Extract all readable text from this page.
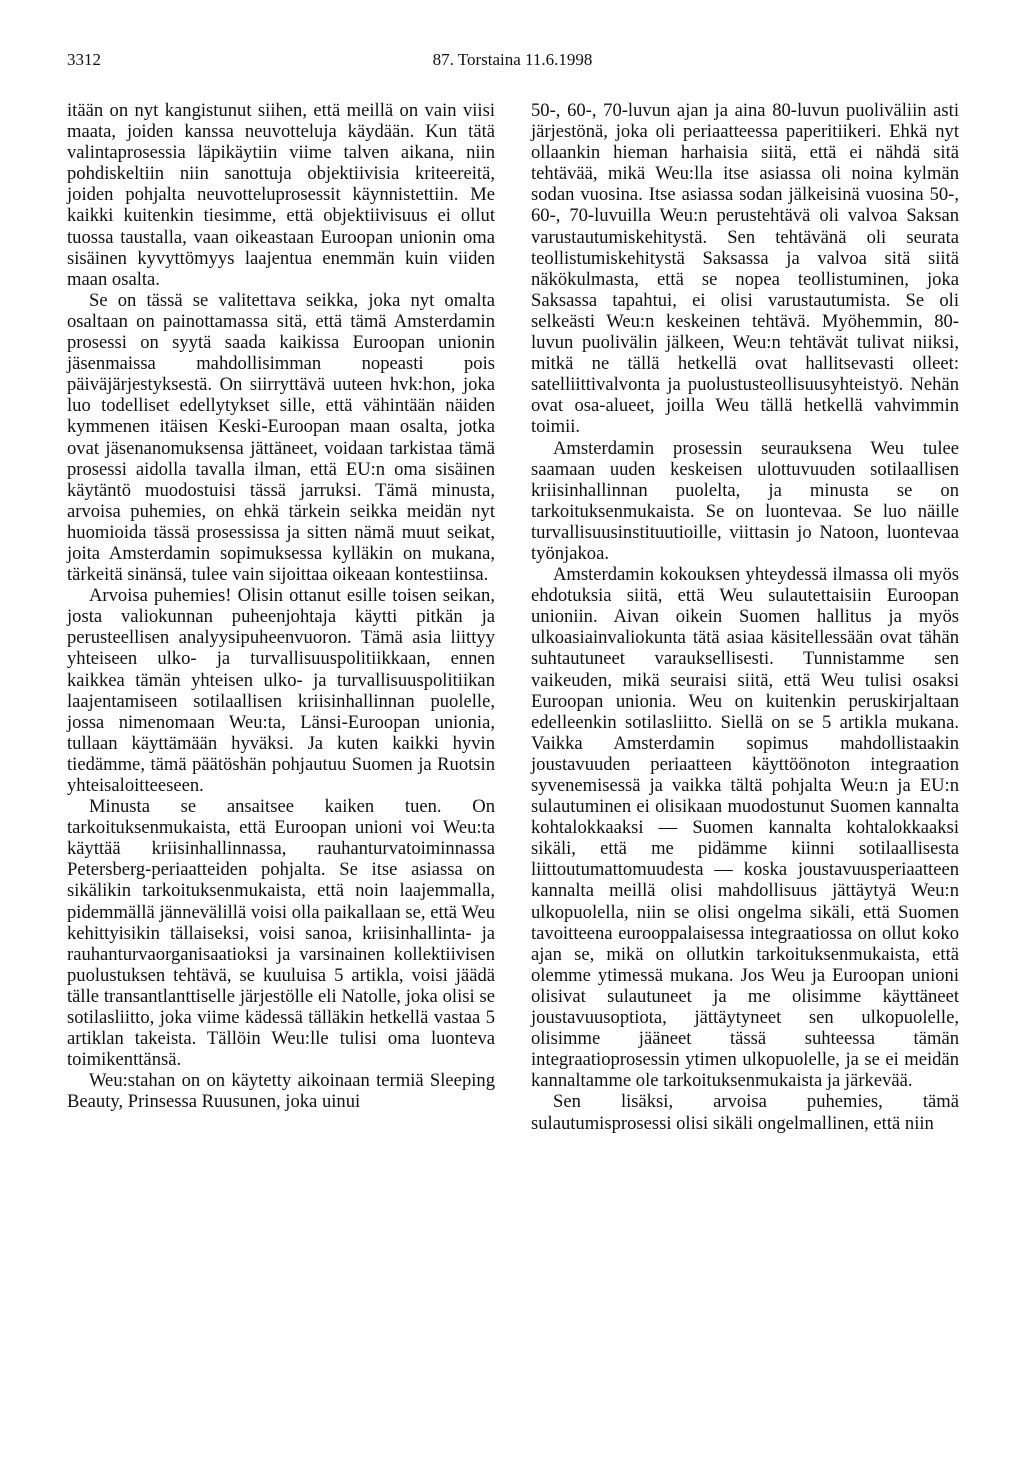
3312	87. Torstaina 11.6.1998

itään on nyt kangistunut siihen, että meillä on vain viisi maata, joiden kanssa neuvotteluja käydään. Kun tätä valintaprosessia läpikäytiin viime talven aikana, niin pohdiskeltiin niin sanottuja objektiivisia kriteereitä, joiden pohjalta neuvotteluprosessit käynnistettiin. Me kaikki kuitenkin tiesimme, että objektiivisuus ei ollut tuossa taustalla, vaan oikeastaan Euroopan unionin oma sisäinen kyvyttömyys laajentua enemmän kuin viiden maan osalta.

Se on tässä se valitettava seikka, joka nyt omalta osaltaan on painottamassa sitä, että tämä Amsterdamin prosessi on syytä saada kaikissa Euroopan unionin jäsenmaissa mahdollisimman nopeasti pois päiväjärjestyksestä. On siirryttävä uuteen hvk:hon, joka luo todelliset edellytykset sille, että vähintään näiden kymmenen itäisen Keski-Euroopan maan osalta, jotka ovat jäsenanomuksensa jättäneet, voidaan tarkistaa tämä prosessi aidolla tavalla ilman, että EU:n oma sisäinen käytäntö muodostuisi tässä jarruksi. Tämä minusta, arvoisa puhemies, on ehkä tärkein seikka meidän nyt huomioida tässä prosessissa ja sitten nämä muut seikat, joita Amsterdamin sopimuksessa kylläkin on mukana, tärkeitä sinänsä, tulee vain sijoittaa oikeaan kontestiinsa.

Arvoisa puhemies! Olisin ottanut esille toisen seikan, josta valiokunnan puheenjohtaja käytti pitkän ja perusteellisen analyysipuheenvuoron. Tämä asia liittyy yhteiseen ulko- ja turvallisuuspolitiikkaan, ennen kaikkea tämän yhteisen ulko- ja turvallisuuspolitiikan laajentamiseen sotilaallisen kriisinhallinnan puolelle, jossa nimenomaan Weu:ta, Länsi-Euroopan unionia, tullaan käyttämään hyväksi. Ja kuten kaikki hyvin tiedämme, tämä päätöshän pohjautuu Suomen ja Ruotsin yhteisaloitteeseen.

Minusta se ansaitsee kaiken tuen. On tarkoituksenmukaista, että Euroopan unioni voi Weu:ta käyttää kriisinhallinnassa, rauhanturvatoiminnassa Petersberg-periaatteiden pohjalta. Se itse asiassa on sikälikin tarkoituksenmukaista, että noin laajemmalla, pidemmällä jännevälillä voisi olla paikallaan se, että Weu kehittyisikin tällaiseksi, voisi sanoa, kriisinhallinta- ja rauhanturvaorganisaatioksi ja varsinainen kollektiivisen puolustuksen tehtävä, se kuuluisa 5 artikla, voisi jäädä tälle transantlanttiselle järjestölle eli Natolle, joka olisi se sotilasliitto, joka viime kädessä tälläkin hetkellä vastaa 5 artiklan takeista. Tällöin Weu:lle tulisi oma luonteva toimikenttänsä.

Weu:stahan on on käytetty aikoinaan termiä Sleeping Beauty, Prinsessa Ruusunen, joka uinui

50-, 60-, 70-luvun ajan ja aina 80-luvun puoliväliin asti järjestönä, joka oli periaatteessa paperitiikeri. Ehkä nyt ollaankin hieman harhaisia siitä, että ei nähdä sitä tehtävää, mikä Weu:lla itse asiassa oli noina kylmän sodan vuosina. Itse asiassa sodan jälkeisinä vuosina 50-, 60-, 70-luvuilla Weu:n perustehtävä oli valvoa Saksan varustautumiskehitystä. Sen tehtävänä oli seurata teollistumiskehitystä Saksassa ja valvoa sitä siitä näkökulmasta, että se nopea teollistuminen, joka Saksassa tapahtui, ei olisi varustautumista. Se oli selkeästi Weu:n keskeinen tehtävä. Myöhemmin, 80-luvun puolivälin jälkeen, Weu:n tehtävät tulivat niiksi, mitkä ne tällä hetkellä ovat hallitsevasti olleet: satelliittivalvonta ja puolustusteollisuusyhteistyö. Nehän ovat osa-alueet, joilla Weu tällä hetkellä vahvimmin toimii.

Amsterdamin prosessin seurauksena Weu tulee saamaan uuden keskeisen ulottuvuuden sotilaallisen kriisinhallinnan puolelta, ja minusta se on tarkoituksenmukaista. Se on luontevaa. Se luo näille turvallisuusinstituutioille, viittasin jo Natoon, luontevaa työnjakoa.

Amsterdamin kokouksen yhteydessä ilmassa oli myös ehdotuksia siitä, että Weu sulautettaisiin Euroopan unioniin. Aivan oikein Suomen hallitus ja myös ulkoasiainvaliokunta tätä asiaa käsitellessään ovat tähän suhtautuneet varauksellisesti. Tunnistamme sen vaikeuden, mikä seuraisi siitä, että Weu tulisi osaksi Euroopan unionia. Weu on kuitenkin peruskirjaltaan edelleenkin sotilasliitto. Siellä on se 5 artikla mukana. Vaikka Amsterdamin sopimus mahdollistaakin joustavuuden periaatteen käyttöönoton integraation syvenemisessä ja vaikka tältä pohjalta Weu:n ja EU:n sulautuminen ei olisikaan muodostunut Suomen kannalta kohtalokkaaksi — Suomen kannalta kohtalokkaaksi sikäli, että me pidämme kiinni sotilaallisesta liittoutumattomuudesta — koska joustavuusperiaatteen kannalta meillä olisi mahdollisuus jättäytyä Weu:n ulkopuolella, niin se olisi ongelma sikäli, että Suomen tavoitteena eurooppalaisessa integraatiossa on ollut koko ajan se, mikä on ollutkin tarkoituksenmukaista, että olemme ytimessä mukana. Jos Weu ja Euroopan unioni olisivat sulautuneet ja me olisimme käyttäneet joustavuusoptiota, jättäytyneet sen ulkopuolelle, olisimme jääneet tässä suhteessa tämän integraatioprosessin ytimen ulkopuolelle, ja se ei meidän kannaltamme ole tarkoituksenmukaista ja järkevää.

Sen lisäksi, arvoisa puhemies, tämä sulautumisprosessi olisi sikäli ongelmallinen, että niin
